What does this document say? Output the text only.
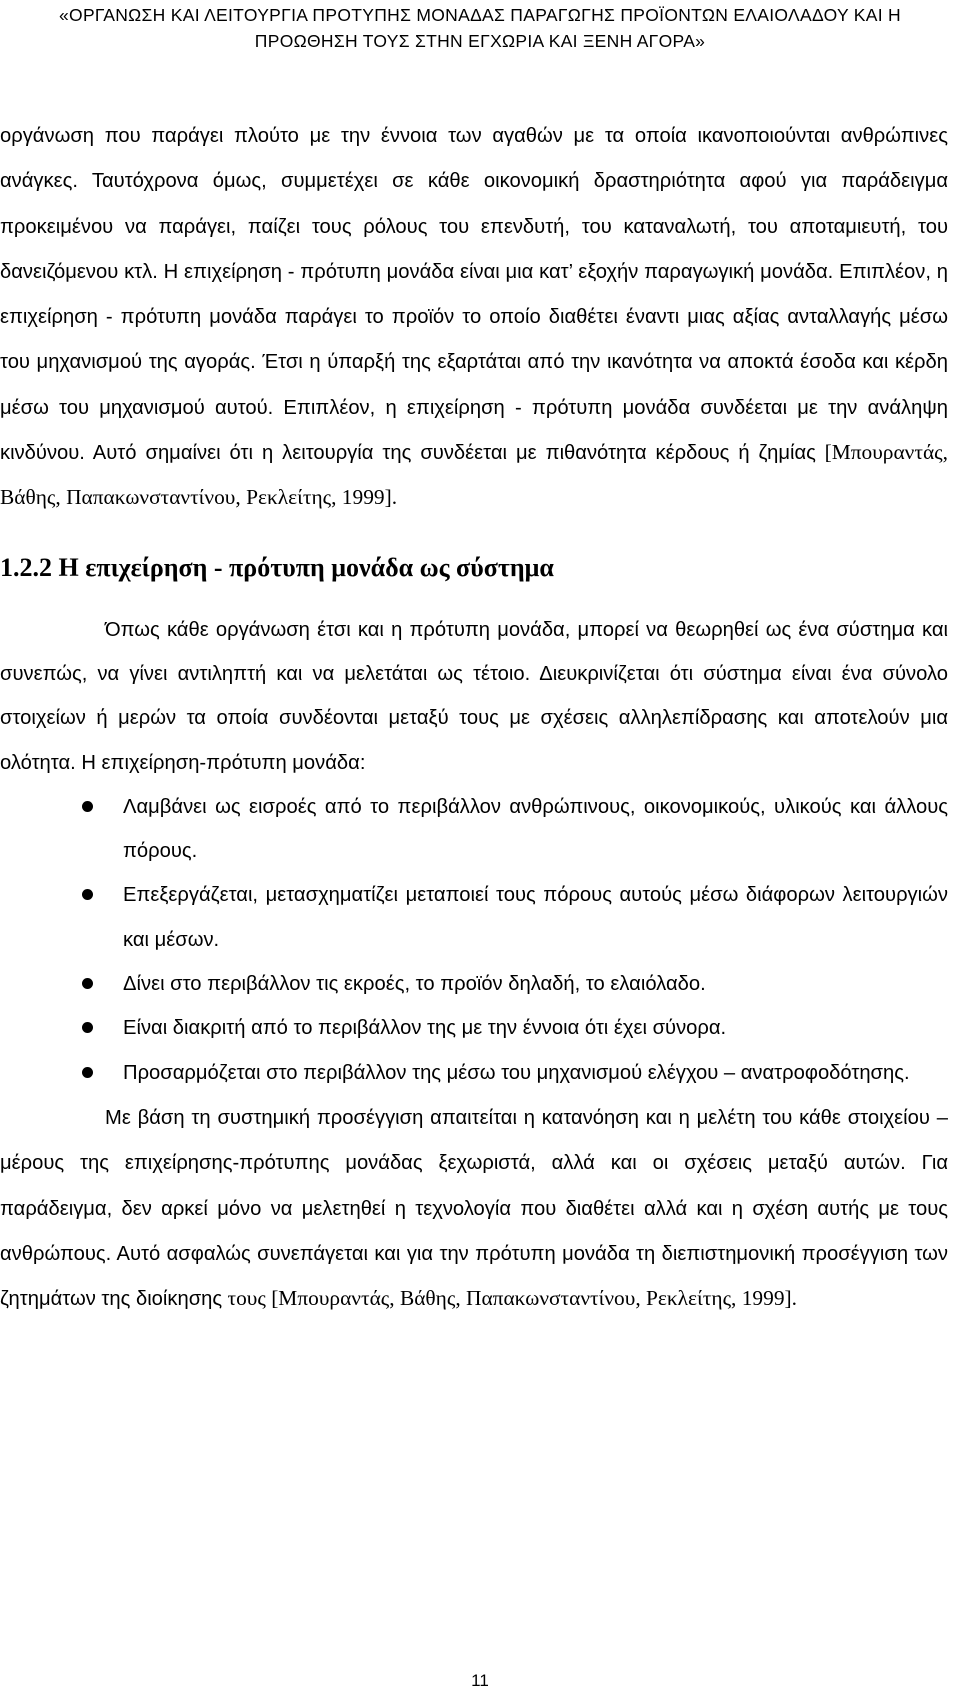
«ΟΡΓΑΝΩΣΗ ΚΑΙ ΛΕΙΤΟΥΡΓΙΑ ΠΡΟΤΥΠΗΣ ΜΟΝΑΔΑΣ ΠΑΡΑΓΩΓΗΣ ΠΡΟΪΟΝΤΩΝ ΕΛΑΙΟΛΑΔΟΥ ΚΑΙ Η
ΠΡΟΩΘΗΣΗ ΤΟΥΣ ΣΤΗΝ ΕΓΧΩΡΙΑ ΚΑΙ ΞΕΝΗ ΑΓΟΡΑ»

οργάνωση που παράγει πλούτο με την έννοια των αγαθών με τα οποία ικανοποιούνται ανθρώπινες ανάγκες. Ταυτόχρονα όμως, συμμετέχει σε κάθε οικονομική δραστηριότητα αφού για παράδειγμα προκειμένου να παράγει, παίζει τους ρόλους του επενδυτή, του καταναλωτή, του αποταμιευτή, του δανειζόμενου κτλ. Η επιχείρηση - πρότυπη μονάδα είναι μια κατ’ εξοχήν παραγωγική μονάδα. Επιπλέον, η επιχείρηση - πρότυπη μονάδα παράγει το προϊόν το οποίο διαθέτει έναντι μιας αξίας ανταλλαγής μέσω του μηχανισμού της αγοράς. Έτσι η ύπαρξή της εξαρτάται από την ικανότητα να αποκτά έσοδα και κέρδη μέσω του μηχανισμού αυτού. Επιπλέον, η επιχείρηση - πρότυπη μονάδα συνδέεται με την ανάληψη κινδύνου. Αυτό σημαίνει ότι η λειτουργία της συνδέεται με πιθανότητα κέρδους ή ζημίας [Μπουραντάς, Βάθης, Παπακωνσταντίνου, Ρεκλείτης, 1999].

1.2.2 Η επιχείρηση - πρότυπη μονάδα ως σύστημα

Όπως κάθε οργάνωση έτσι και η πρότυπη μονάδα, μπορεί να θεωρηθεί ως ένα σύστημα και συνεπώς, να γίνει αντιληπτή και να μελετάται ως τέτοιο. Διευκρινίζεται ότι σύστημα είναι ένα σύνολο στοιχείων ή μερών τα οποία συνδέονται μεταξύ τους με σχέσεις αλληλεπίδρασης και αποτελούν μια ολότητα. Η επιχείρηση-πρότυπη μονάδα:

Λαμβάνει ως εισροές από το περιβάλλον ανθρώπινους, οικονομικούς, υλικούς και άλλους πόρους.
Επεξεργάζεται, μετασχηματίζει μεταποιεί τους πόρους αυτούς μέσω διάφορων λειτουργιών και μέσων.
Δίνει στο περιβάλλον τις εκροές, το προϊόν δηλαδή, το ελαιόλαδο.
Είναι διακριτή από το περιβάλλον της με την έννοια ότι έχει σύνορα.
Προσαρμόζεται στο περιβάλλον της μέσω του μηχανισμού ελέγχου – ανατροφοδότησης.

Με βάση τη συστημική προσέγγιση απαιτείται η κατανόηση και η μελέτη του κάθε στοιχείου – μέρους της επιχείρησης-πρότυπης μονάδας ξεχωριστά, αλλά και οι σχέσεις μεταξύ αυτών. Για παράδειγμα, δεν αρκεί μόνο να μελετηθεί η τεχνολογία που διαθέτει αλλά και η σχέση αυτής με τους ανθρώπους. Αυτό ασφαλώς συνεπάγεται και για την πρότυπη μονάδα τη διεπιστημονική προσέγγιση των ζητημάτων της διοίκησης τους [Μπουραντάς, Βάθης, Παπακωνσταντίνου, Ρεκλείτης, 1999].

11
